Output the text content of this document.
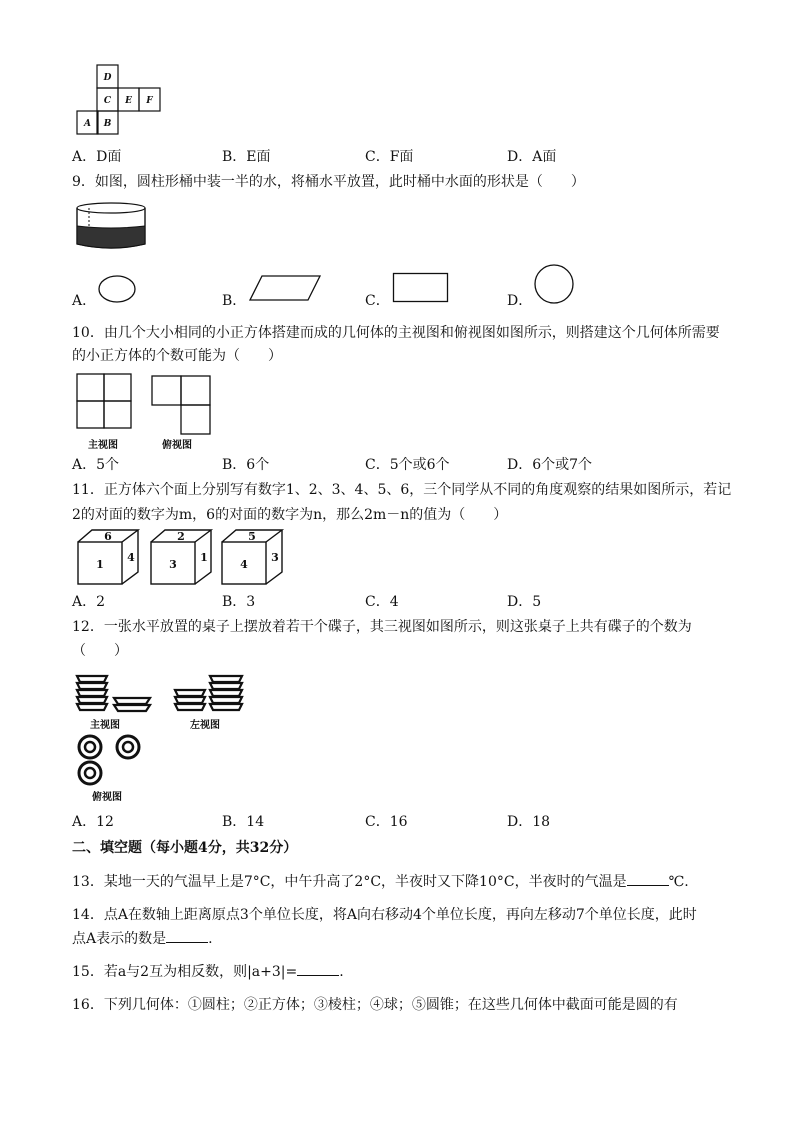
D
C E F
A B
A．D面	B．E面	C．F面	D．A面
9．如图，圆柱形桶中装一半的水，将桶水平放置，此时桶中水面的形状是（　　）
A．	B．	C．	D．
10．由几个大小相同的小正方体搭建而成的几何体的主视图和俯视图如图所示，则搭建这个几何体所需要
的小正方体的个数可能为（　　）
主视图	俯视图
A．5个	B．6个	C．5个或6个	D．6个或7个
11．正方体六个面上分别写有数字1、2、3、4、5、6，三个同学从不同的角度观察的结果如图所示，若记
2的对面的数字为m，6的对面的数字为n，那么2m－n的值为（　　）
6
1
4
2
3
1
5
4
3
A．2	B．3	C．4	D．5
12．一张水平放置的桌子上摆放着若干个碟子，其三视图如图所示，则这张桌子上共有碟子的个数为
（　　）
主视图	左视图
俯视图
A．12	B．14	C．16	D．18
二、填空题（每小题4分，共32分）
13．某地一天的气温早上是7°C，中午升高了2°C，半夜时又下降10°C，半夜时的气温是	℃.
14．点A在数轴上距离原点3个单位长度，将A向右移动4个单位长度，再向左移动7个单位长度，此时
点A表示的数是	.
15．若a与2互为相反数，则|a+3|=	.
16．下列几何体：①圆柱；②正方体；③棱柱；④球；⑤圆锥；在这些几何体中截面可能是圆的有
